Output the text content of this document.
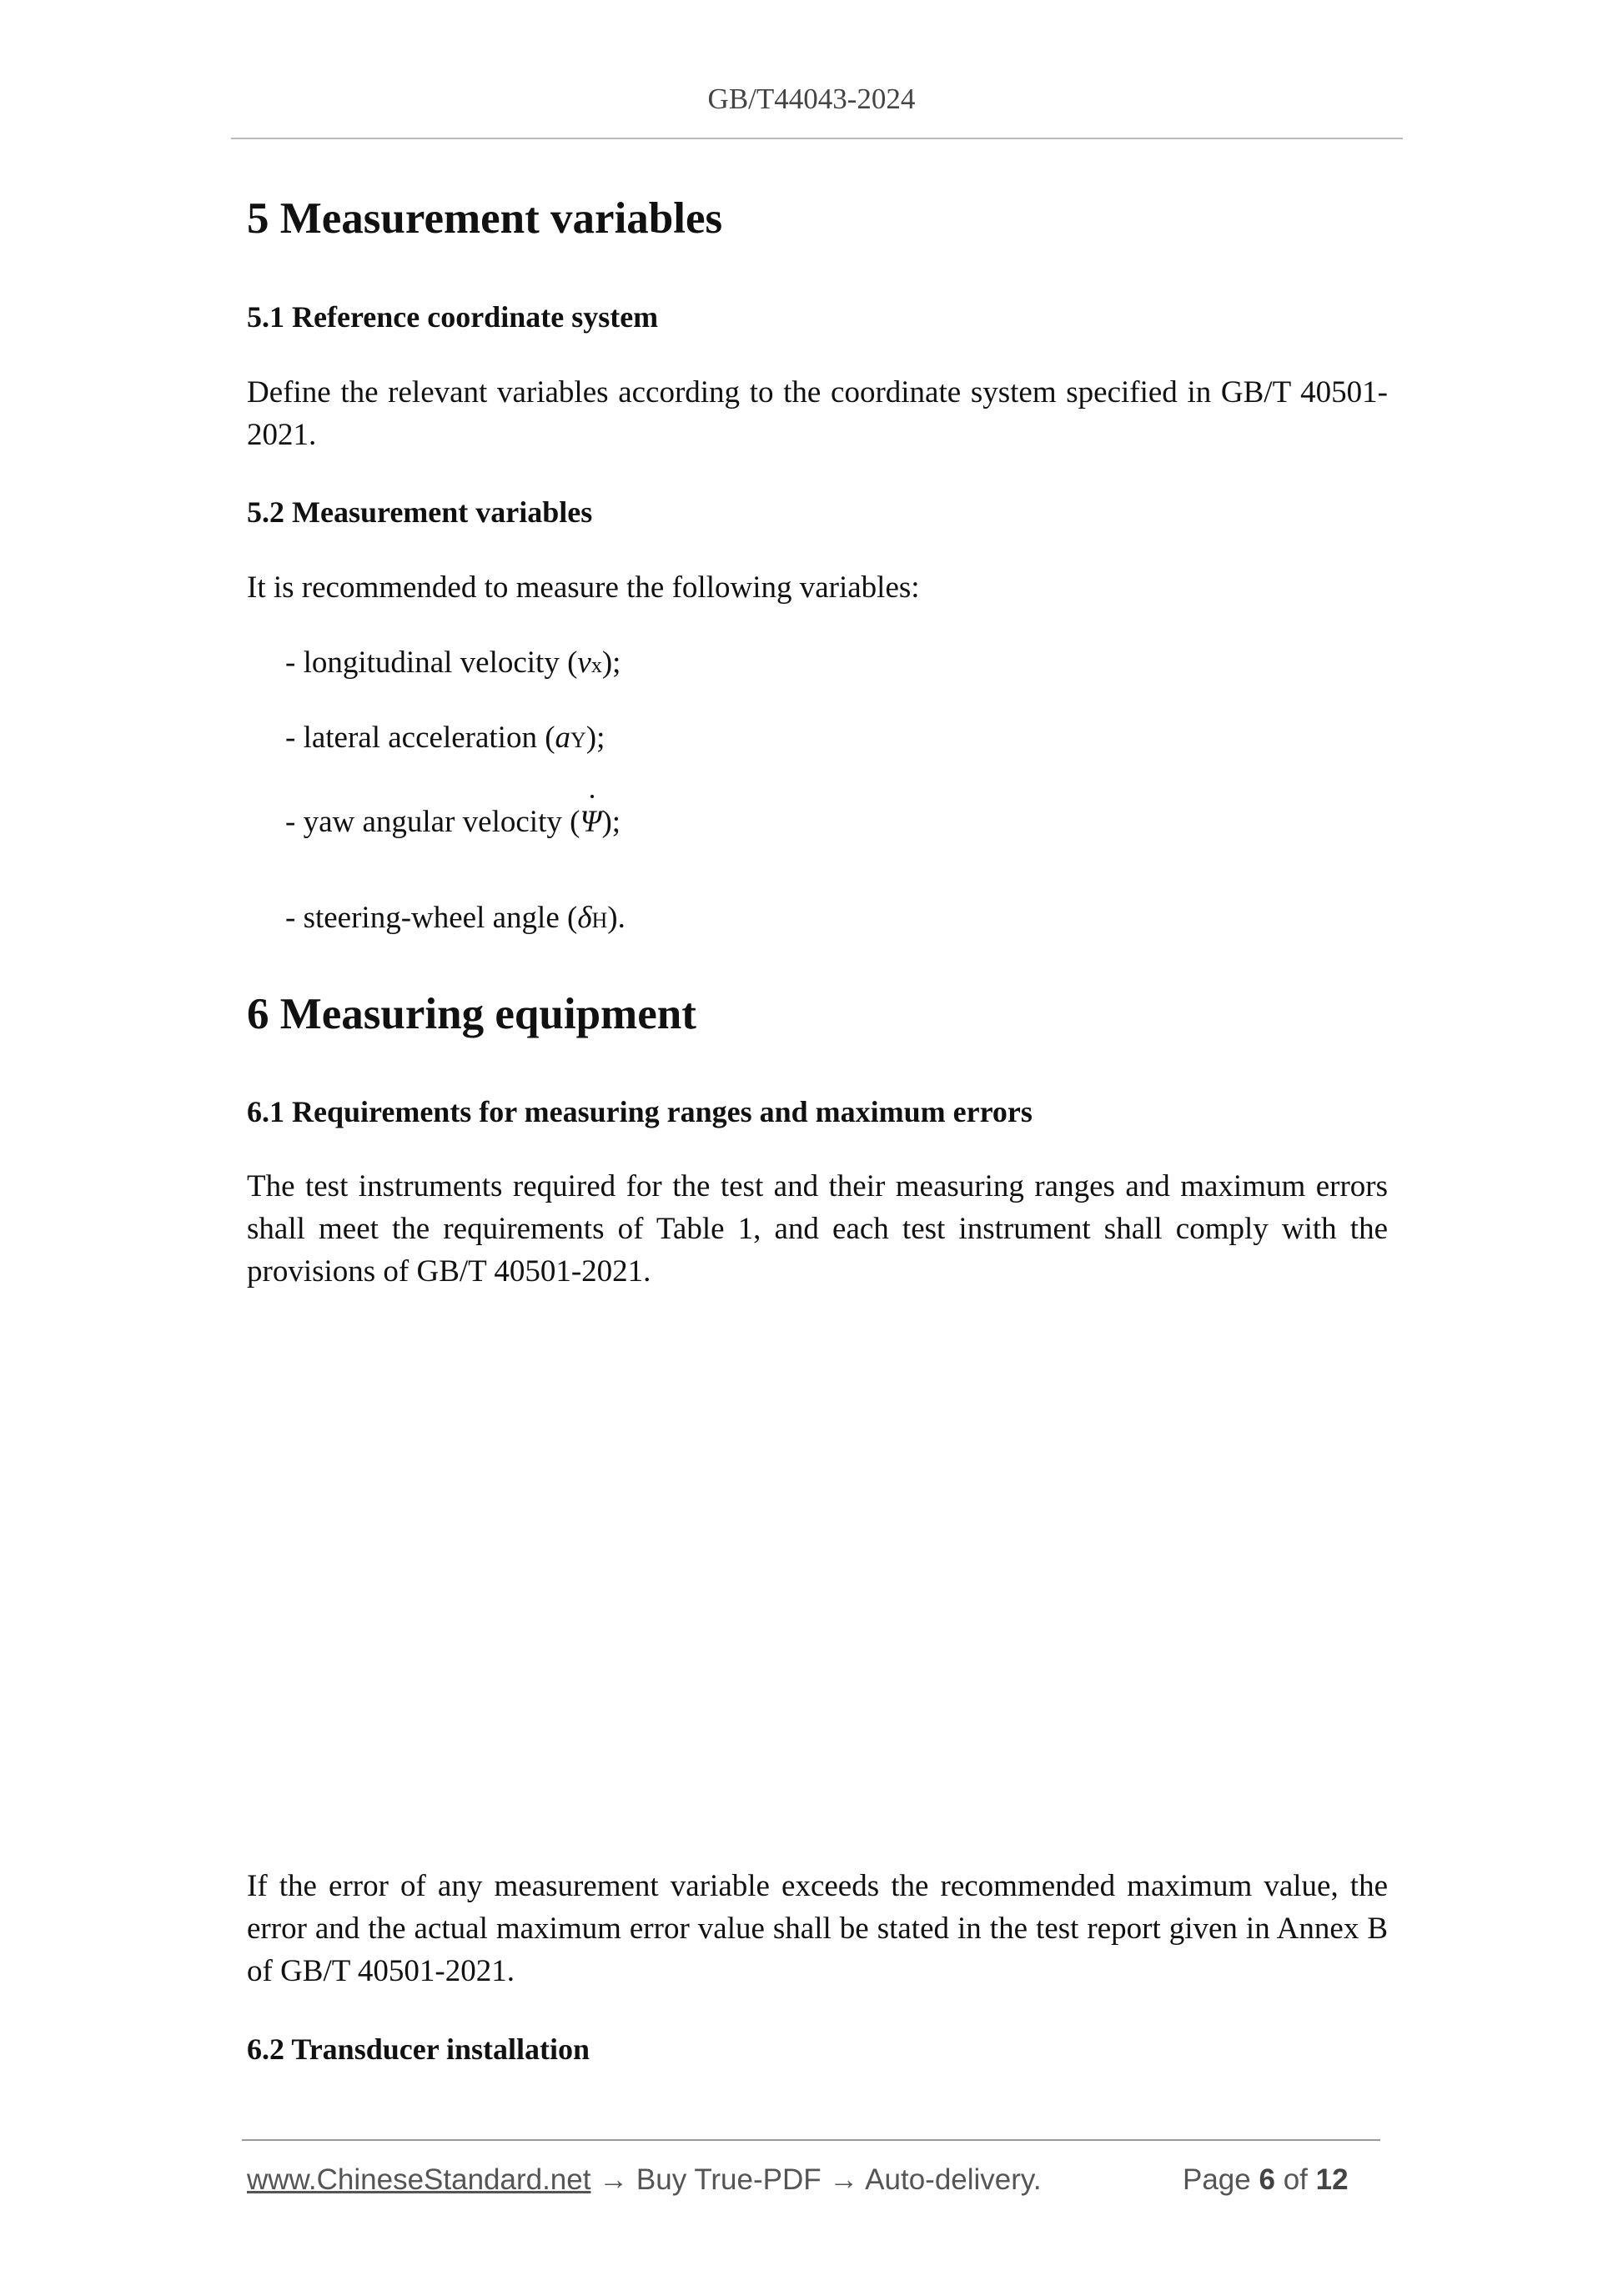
GB/T44043-2024
5 Measurement variables
5.1 Reference coordinate system
Define the relevant variables according to the coordinate system specified in GB/T 40501-2021.
5.2 Measurement variables
It is recommended to measure the following variables:
- longitudinal velocity (vx);
- lateral acceleration (aY);
- yaw angular velocity (Ψ);
- steering-wheel angle (δH).
6 Measuring equipment
6.1 Requirements for measuring ranges and maximum errors
The test instruments required for the test and their measuring ranges and maximum errors shall meet the requirements of Table 1, and each test instrument shall comply with the provisions of GB/T 40501-2021.
If the error of any measurement variable exceeds the recommended maximum value, the error and the actual maximum error value shall be stated in the test report given in Annex B of GB/T 40501-2021.
6.2 Transducer installation
www.ChineseStandard.net → Buy True-PDF → Auto-delivery.	Page 6 of 12
